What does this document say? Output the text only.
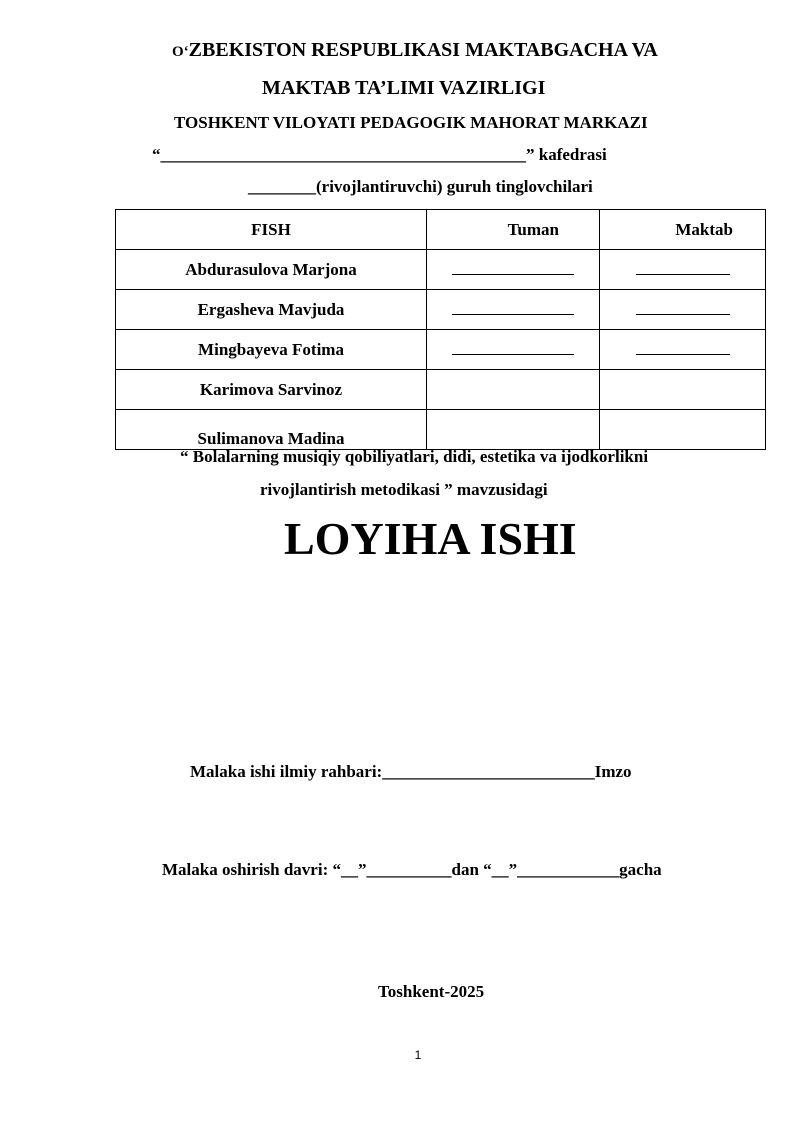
O‘ZBEKISTON RESPUBLIKASI MAKTABGACHA VA
MAKTAB TA’LIMI VAZIRLIGI
TOSHKENT VILOYATI PEDAGOGIK MAHORAT MARKAZI
“___________________________________________” kafedrasi
________(rivojlantiruvchi) guruh tinglovchilari
FISH	Tuman	Maktab
Abdurasulova Marjona		
Ergasheva Mavjuda		
Mingbayeva Fotima		
Karimova Sarvinoz		
Sulimanova Madina		
“ Bolalarning musiqiy qobiliyatlari, didi, estetika va ijodkorlikni
rivojlantirish metodikasi ” mavzusidagi
LOYIHA ISHI
Malaka ishi ilmiy rahbari:_________________________Imzo
Malaka oshirish davri: “__”__________dan “__”____________gacha
Toshkent-2025
1
